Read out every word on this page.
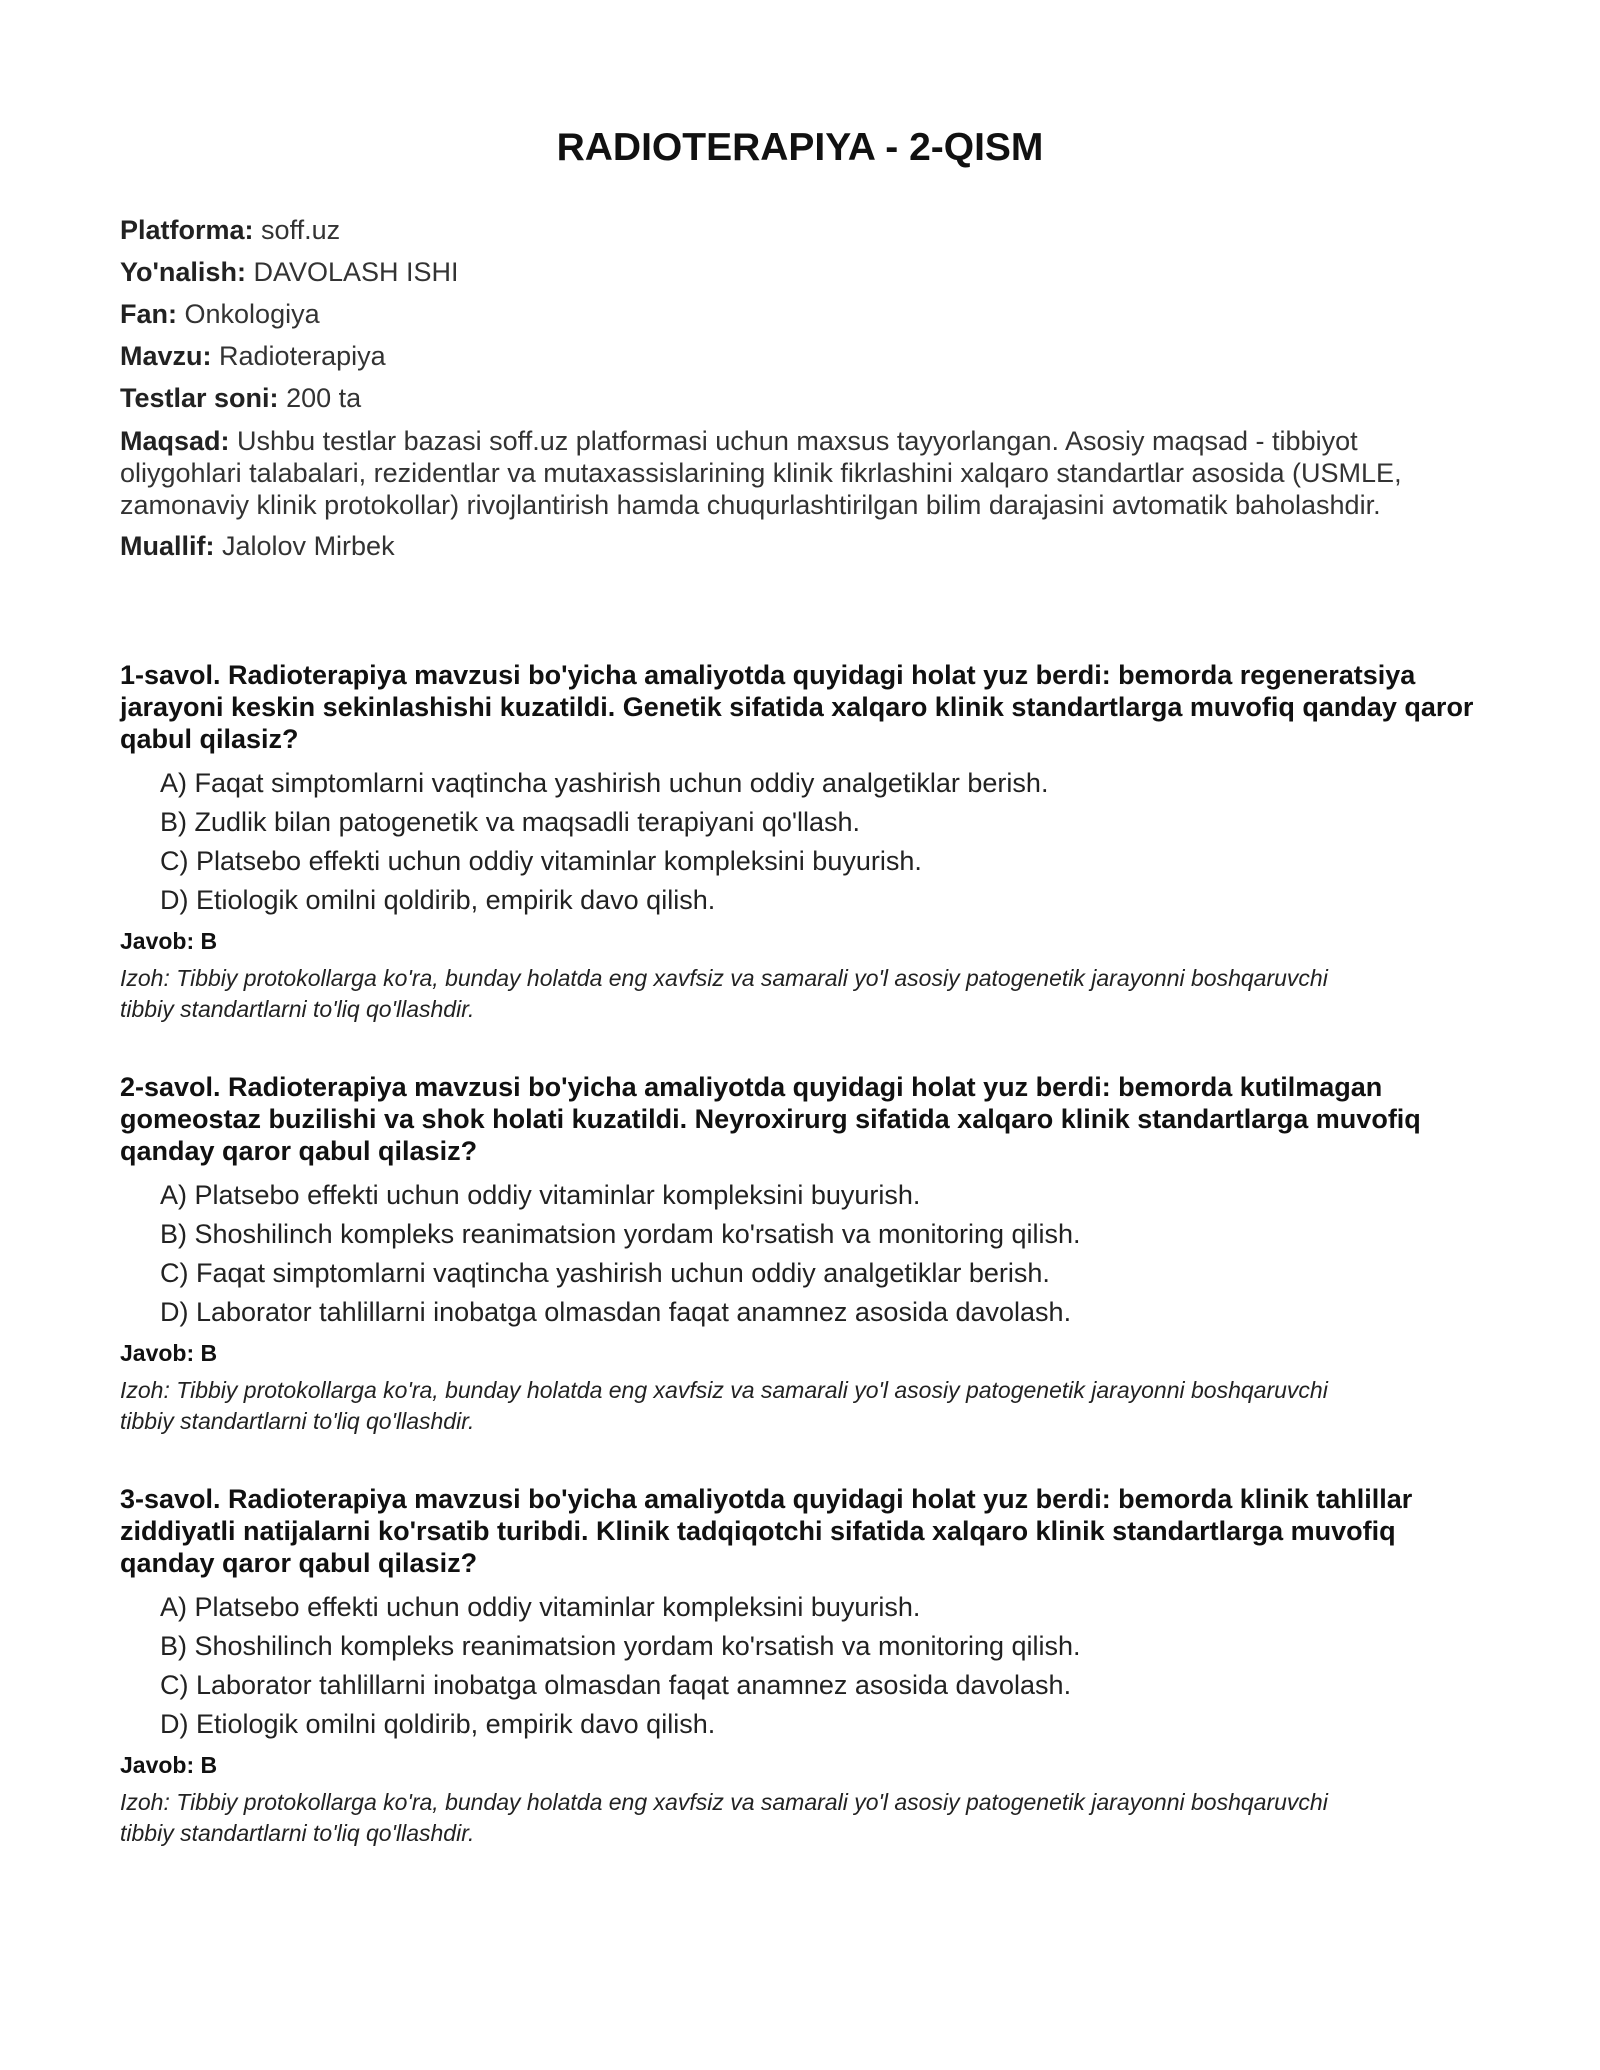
RADIOTERAPIYA - 2-QISM
Platforma: soff.uz
Yo'nalish: DAVOLASH ISHI
Fan: Onkologiya
Mavzu: Radioterapiya
Testlar soni: 200 ta
Maqsad: Ushbu testlar bazasi soff.uz platformasi uchun maxsus tayyorlangan. Asosiy maqsad - tibbiyot oliygohlari talabalari, rezidentlar va mutaxassislarining klinik fikrlashini xalqaro standartlar asosida (USMLE, zamonaviy klinik protokollar) rivojlantirish hamda chuqurlashtirilgan bilim darajasini avtomatik baholashdir.
Muallif: Jalolov Mirbek
1-savol. Radioterapiya mavzusi bo'yicha amaliyotda quyidagi holat yuz berdi: bemorda regeneratsiya jarayoni keskin sekinlashishi kuzatildi. Genetik sifatida xalqaro klinik standartlarga muvofiq qanday qaror qabul qilasiz?
A) Faqat simptomlarni vaqtincha yashirish uchun oddiy analgetiklar berish.
B) Zudlik bilan patogenetik va maqsadli terapiyani qo'llash.
C) Platsebo effekti uchun oddiy vitaminlar kompleksini buyurish.
D) Etiologik omilni qoldirib, empirik davo qilish.
Javob: B
Izoh: Tibbiy protokollarga ko'ra, bunday holatda eng xavfsiz va samarali yo'l asosiy patogenetik jarayonni boshqaruvchi tibbiy standartlarni to'liq qo'llashdir.
2-savol. Radioterapiya mavzusi bo'yicha amaliyotda quyidagi holat yuz berdi: bemorda kutilmagan gomeostaz buzilishi va shok holati kuzatildi. Neyroxirurg sifatida xalqaro klinik standartlarga muvofiq qanday qaror qabul qilasiz?
A) Platsebo effekti uchun oddiy vitaminlar kompleksini buyurish.
B) Shoshilinch kompleks reanimatsion yordam ko'rsatish va monitoring qilish.
C) Faqat simptomlarni vaqtincha yashirish uchun oddiy analgetiklar berish.
D) Laborator tahlillarni inobatga olmasdan faqat anamnez asosida davolash.
Javob: B
Izoh: Tibbiy protokollarga ko'ra, bunday holatda eng xavfsiz va samarali yo'l asosiy patogenetik jarayonni boshqaruvchi tibbiy standartlarni to'liq qo'llashdir.
3-savol. Radioterapiya mavzusi bo'yicha amaliyotda quyidagi holat yuz berdi: bemorda klinik tahlillar ziddiyatli natijalarni ko'rsatib turibdi. Klinik tadqiqotchi sifatida xalqaro klinik standartlarga muvofiq qanday qaror qabul qilasiz?
A) Platsebo effekti uchun oddiy vitaminlar kompleksini buyurish.
B) Shoshilinch kompleks reanimatsion yordam ko'rsatish va monitoring qilish.
C) Laborator tahlillarni inobatga olmasdan faqat anamnez asosida davolash.
D) Etiologik omilni qoldirib, empirik davo qilish.
Javob: B
Izoh: Tibbiy protokollarga ko'ra, bunday holatda eng xavfsiz va samarali yo'l asosiy patogenetik jarayonni boshqaruvchi tibbiy standartlarni to'liq qo'llashdir.
